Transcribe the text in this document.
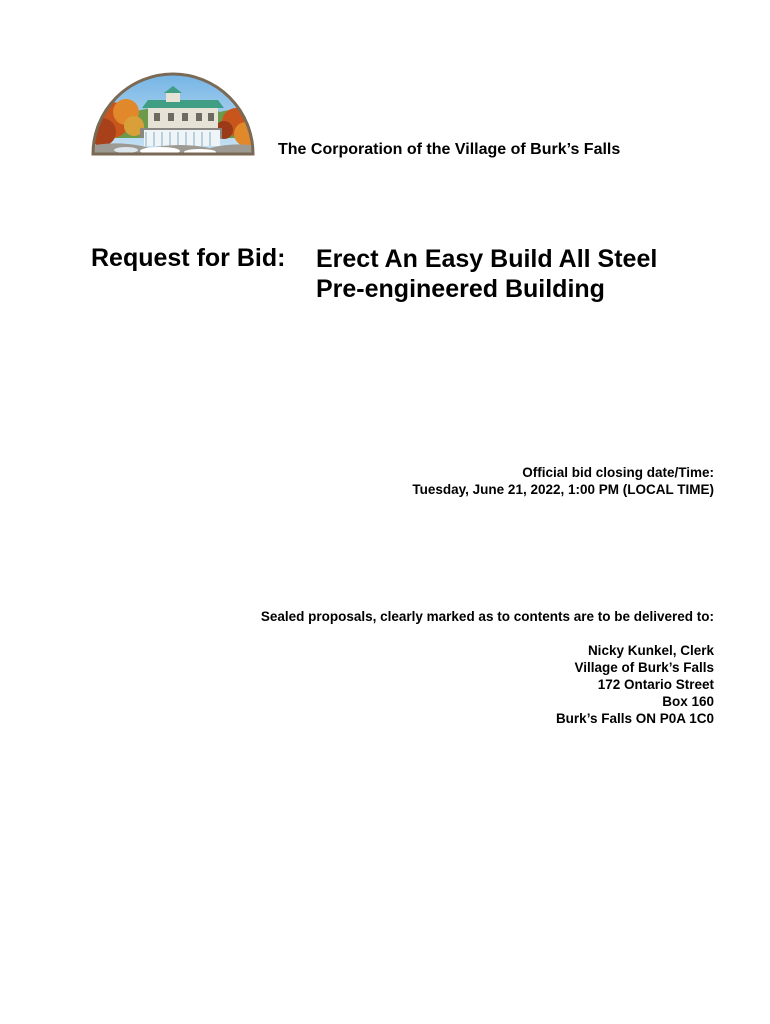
The Corporation of the Village of Burk’s Falls
Request for Bid: Erect An Easy Build All Steel
Pre-engineered Building
Official bid closing date/Time:
Tuesday, June 21, 2022, 1:00 PM (LOCAL TIME)
Sealed proposals, clearly marked as to contents are to be delivered to:
Nicky Kunkel, Clerk
Village of Burk’s Falls
172 Ontario Street
Box 160
Burk’s Falls ON P0A 1C0
